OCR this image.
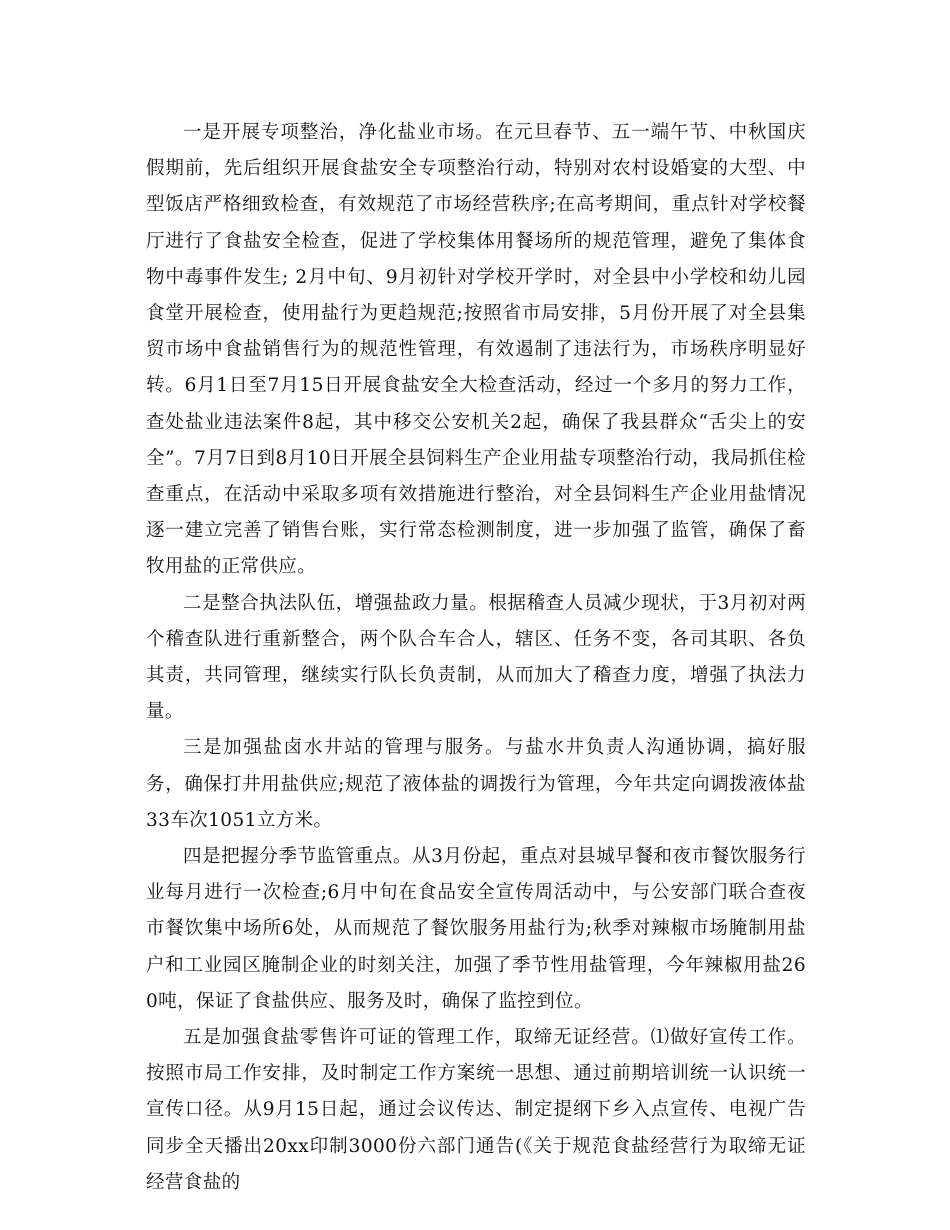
一是开展专项整治，净化盐业市场。在元旦春节、五一端午节、中秋国庆假期前，先后组织开展食盐安全专项整治行动，特别对农村设婚宴的大型、中型饭店严格细致检查，有效规范了市场经营秩序;在高考期间，重点针对学校餐厅进行了食盐安全检查，促进了学校集体用餐场所的规范管理，避免了集体食物中毒事件发生; 2月中旬、9月初针对学校开学时，对全县中小学校和幼儿园食堂开展检查，使用盐行为更趋规范;按照省市局安排，5月份开展了对全县集贸市场中食盐销售行为的规范性管理，有效遏制了违法行为，市场秩序明显好转。6月1日至7月15日开展食盐安全大检查活动，经过一个多月的努力工作，查处盐业违法案件8起，其中移交公安机关2起，确保了我县群众“舌尖上的安全”。7月7日到8月10日开展全县饲料生产企业用盐专项整治行动，我局抓住检查重点，在活动中采取多项有效措施进行整治，对全县饲料生产企业用盐情况逐一建立完善了销售台账，实行常态检测制度，进一步加强了监管，确保了畜牧用盐的正常供应。

二是整合执法队伍，增强盐政力量。根据稽查人员减少现状，于3月初对两个稽查队进行重新整合，两个队合车合人，辖区、任务不变，各司其职、各负其责，共同管理，继续实行队长负责制，从而加大了稽查力度，增强了执法力量。

三是加强盐卤水井站的管理与服务。与盐水井负责人沟通协调，搞好服务，确保打井用盐供应;规范了液体盐的调拨行为管理，今年共定向调拨液体盐33车次1051立方米。

四是把握分季节监管重点。从3月份起，重点对县城早餐和夜市餐饮服务行业每月进行一次检查;6月中旬在食品安全宣传周活动中，与公安部门联合查夜市餐饮集中场所6处，从而规范了餐饮服务用盐行为;秋季对辣椒市场腌制用盐户和工业园区腌制企业的时刻关注，加强了季节性用盐管理，今年辣椒用盐260吨，保证了食盐供应、服务及时，确保了监控到位。

五是加强食盐零售许可证的管理工作，取缔无证经营。⑴做好宣传工作。按照市局工作安排，及时制定工作方案统一思想、通过前期培训统一认识统一宣传口径。从9月15日起，通过会议传达、制定提纲下乡入点宣传、电视广告同步全天播出20xx印制3000份六部门通告(《关于规范食盐经营行为取缔无证经营食盐的
